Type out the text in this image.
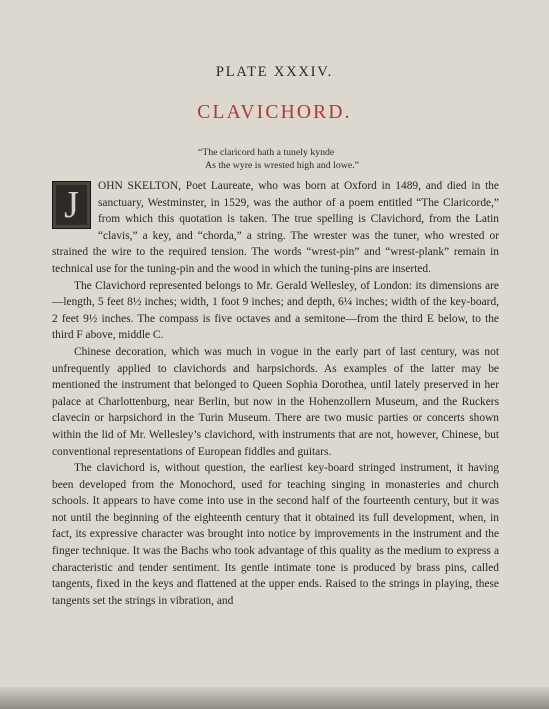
PLATE XXXIV.
CLAVICHORD.
“The claricord hath a tunely kynde
As the wyre is wrested high and lowe.”

J	OHN SKELTON, Poet Laureate, who was born at Oxford in 1489, and died in the sanctuary, Westminster, in 1529, was the author of a poem entitled “The Claricorde,” from which this quotation is taken. The true spelling is Clavichord, from the Latin “clavis,” a key, and “chorda,” a string. The wrester was the tuner, who wrested or strained the wire to the required tension. The words “wrest-pin” and “wrest-plank” remain in technical use for the tuning-pin and the wood in which the tuning-pins are inserted.

The Clavichord represented belongs to Mr. Gerald Wellesley, of London: its dimensions are—length, 5 feet 8½ inches; width, 1 foot 9 inches; and depth, 6¼ inches; width of the key-board, 2 feet 9½ inches. The compass is five octaves and a semitone—from the third E below, to the third F above, middle C.

Chinese decoration, which was much in vogue in the early part of last century, was not unfrequently applied to clavichords and harpsichords. As examples of the latter may be mentioned the instrument that belonged to Queen Sophia Dorothea, until lately preserved in her palace at Charlottenburg, near Berlin, but now in the Hohenzollern Museum, and the Ruckers clavecin or harpsichord in the Turin Museum. There are two music parties or concerts shown within the lid of Mr. Wellesley’s clavichord, with instruments that are not, however, Chinese, but conventional representations of European fiddles and guitars.

The clavichord is, without question, the earliest key-board stringed instrument, it having been developed from the Monochord, used for teaching singing in monasteries and church schools. It appears to have come into use in the second half of the fourteenth century, but it was not until the beginning of the eighteenth century that it obtained its full development, when, in fact, its expressive character was brought into notice by improvements in the instrument and the finger technique. It was the Bachs who took advantage of this quality as the medium to express a characteristic and tender sentiment. Its gentle intimate tone is produced by brass pins, called tangents, fixed in the keys and flattened at the upper ends. Raised to the strings in playing, these tangents set the strings in vibration, and
